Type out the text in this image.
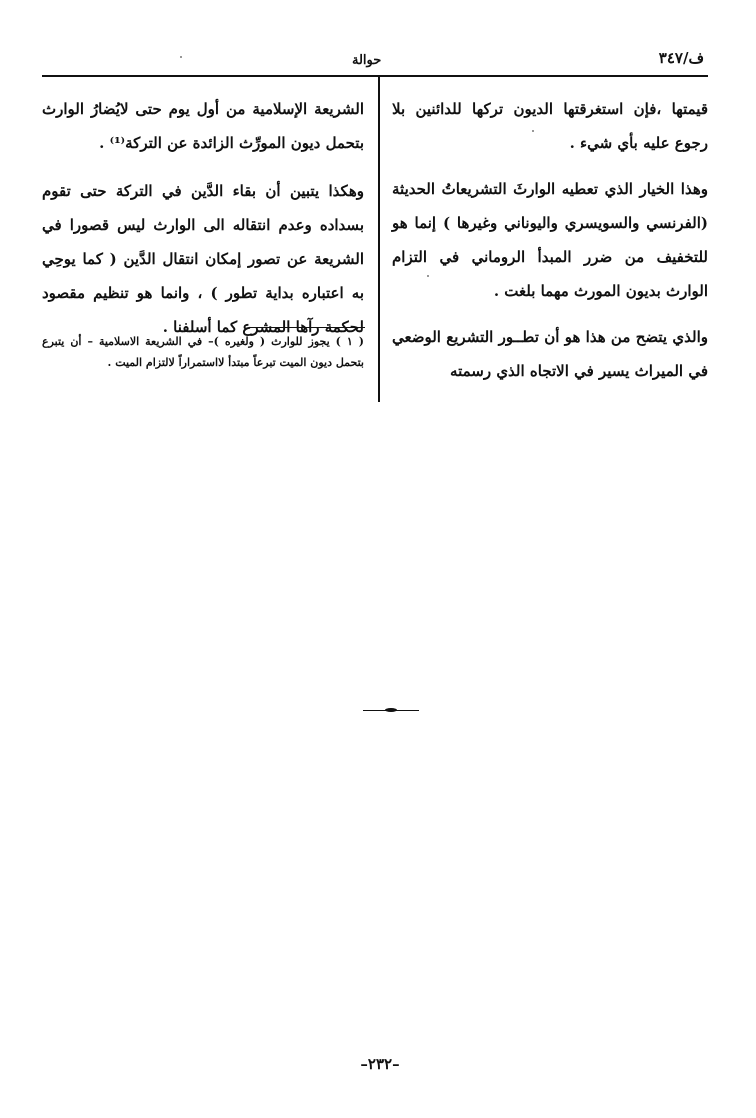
ف/٣٤٧
حوالة

قيمتها ،فإن استغرقتها الديون تركها للدائنين بلا رجوع عليه بأي شيء .

وهذا الخيار الذي تعطيه الوارثَ التشريعاتُ الحديثة (الفرنسي والسويسري واليوناني وغيرها ) إنما هو للتخفيف من ضرر المبدأ الروماني في التزام الوارث بديون المورث مهما بلغت .

والذي يتضح من هذا هو أن تطــور التشريع الوضعي في الميراث يسير في الاتجاه الذي رسمته

الشريعة الإسلامية من أول يوم حتى لايُضارُ الوارث بتحمل ديون المورِّث الزائدة عن التركة⁽¹⁾ .

وهكذا يتبين أن بقاء الدَّين في التركة حتى تقوم بسداده وعدم انتقاله الى الوارث ليس قصورا في الشريعة عن تصور إمكان انتقال الدَّين ( كما يوحِي به اعتباره بداية تطور ) ، وانما هو تنظيم مقصود لحكمة رآها المشرع كما أسلفنا .

( ١ ) يجوز للوارث ( ولغيره )– في الشريعة الاسلامية – أن يتبرع بتحمل ديون الميت تبرعاً مبتدأ لااستمراراً لالتزام الميت .
–٢٣٢–
